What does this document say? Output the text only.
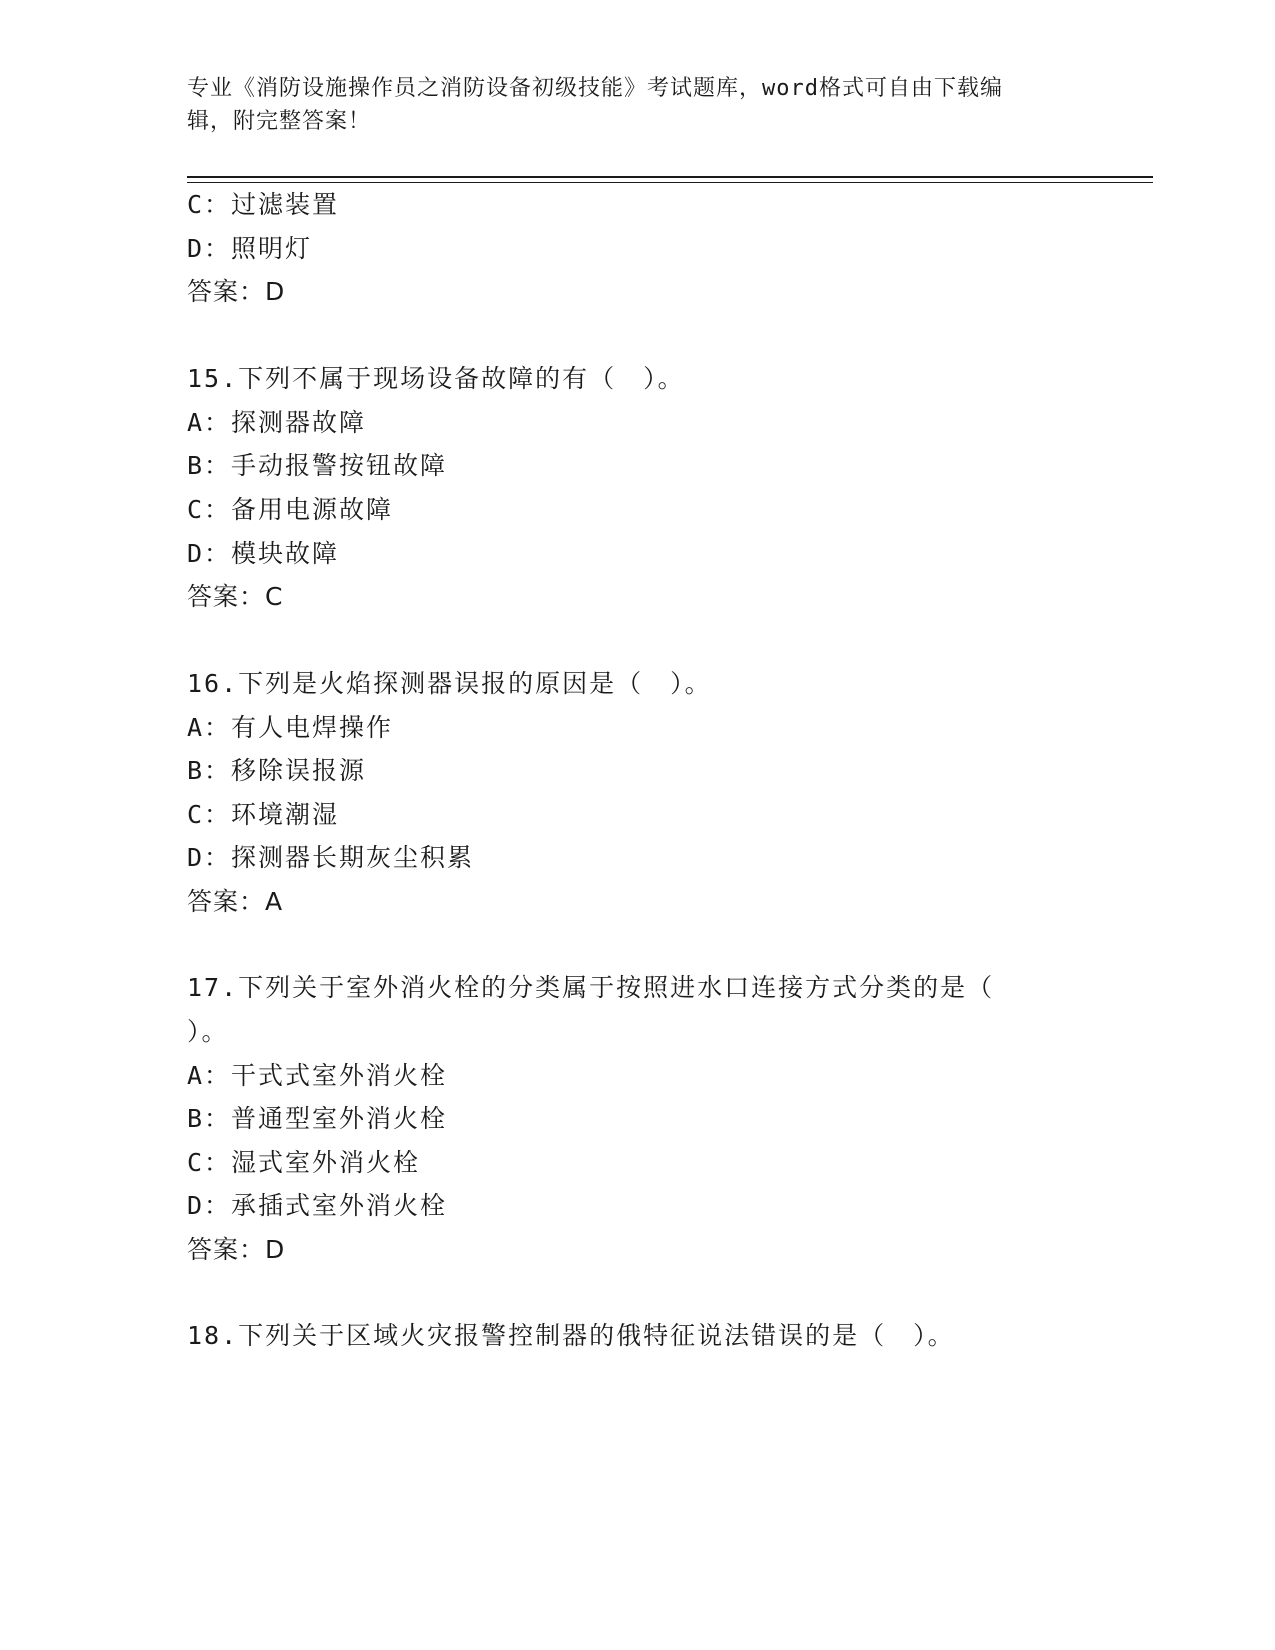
专业《消防设施操作员之消防设备初级技能》考试题库，word格式可自由下载编
辑，附完整答案！
C：过滤装置
D：照明灯
答案：D
15.下列不属于现场设备故障的有（　）。
A：探测器故障
B：手动报警按钮故障
C：备用电源故障
D：模块故障
答案：C
16.下列是火焰探测器误报的原因是（　）。
A：有人电焊操作
B：移除误报源
C：环境潮湿
D：探测器长期灰尘积累
答案：A
17.下列关于室外消火栓的分类属于按照进水口连接方式分类的是（
）。
A：干式式室外消火栓
B：普通型室外消火栓
C：湿式室外消火栓
D：承插式室外消火栓
答案：D
18.下列关于区域火灾报警控制器的俄特征说法错误的是（　）。
